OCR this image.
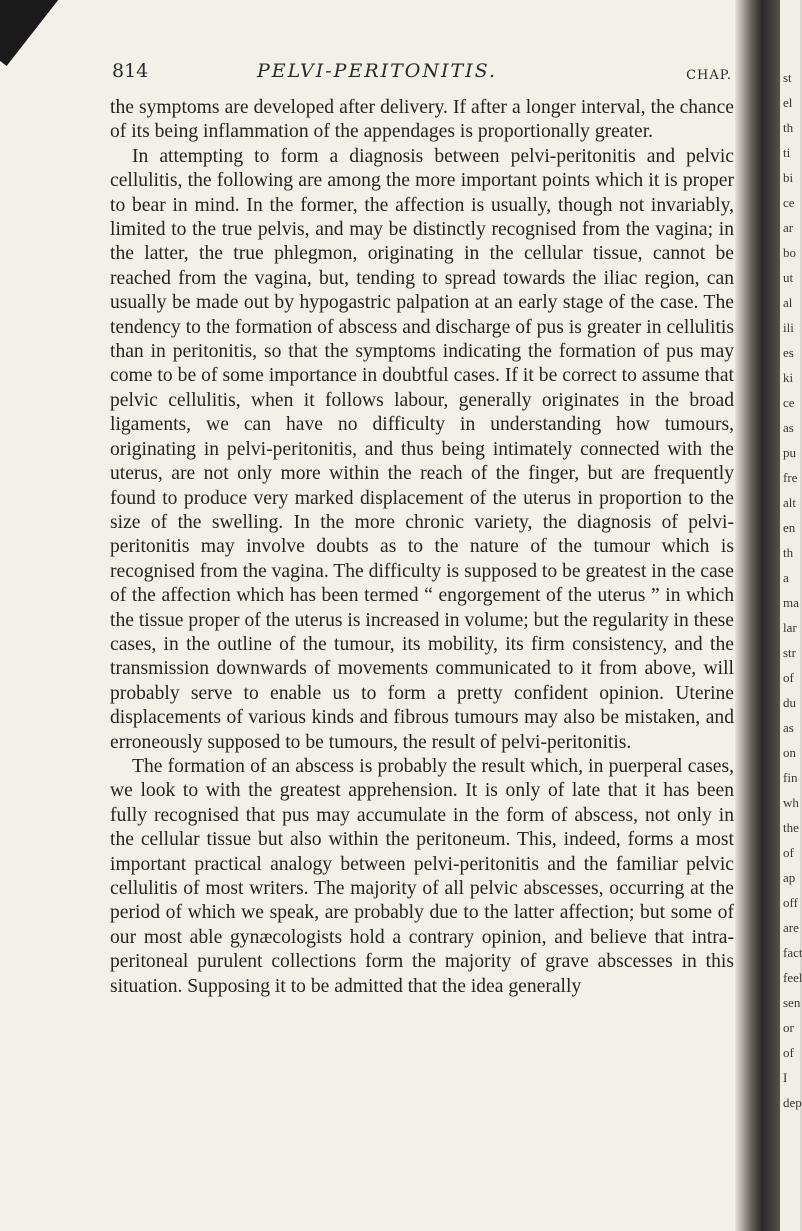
814	PELVI-PERITONITIS.	CHAP.

the symptoms are developed after delivery. If after a longer interval, the chance of its being inflammation of the appendages is proportionally greater.

In attempting to form a diagnosis between pelvi-peritonitis and pelvic cellulitis, the following are among the more important points which it is proper to bear in mind. In the former, the affection is usually, though not invariably, limited to the true pelvis, and may be distinctly recognised from the vagina; in the latter, the true phlegmon, originating in the cellular tissue, cannot be reached from the vagina, but, tending to spread towards the iliac region, can usually be made out by hypogastric palpation at an early stage of the case. The tendency to the formation of abscess and discharge of pus is greater in cellulitis than in peritonitis, so that the symptoms indicating the formation of pus may come to be of some importance in doubtful cases. If it be correct to assume that pelvic cellulitis, when it follows labour, generally originates in the broad ligaments, we can have no difficulty in understanding how tumours, originating in pelvi-peritonitis, and thus being intimately connected with the uterus, are not only more within the reach of the finger, but are frequently found to produce very marked displacement of the uterus in proportion to the size of the swelling. In the more chronic variety, the diagnosis of pelvi-peritonitis may involve doubts as to the nature of the tumour which is recognised from the vagina. The difficulty is supposed to be greatest in the case of the affection which has been termed “ engorgement of the uterus ” in which the tissue proper of the uterus is increased in volume; but the regularity in these cases, in the outline of the tumour, its mobility, its firm consistency, and the transmission downwards of movements communicated to it from above, will probably serve to enable us to form a pretty confident opinion. Uterine displacements of various kinds and fibrous tumours may also be mistaken, and erroneously supposed to be tumours, the result of pelvi-peritonitis.

The formation of an abscess is probably the result which, in puerperal cases, we look to with the greatest apprehension. It is only of late that it has been fully recognised that pus may accumulate in the form of abscess, not only in the cellular tissue but also within the peritoneum. This, indeed, forms a most important practical analogy between pelvi-peritonitis and the familiar pelvic cellulitis of most writers. The majority of all pelvic abscesses, occurring at the period of which we speak, are probably due to the latter affection; but some of our most able gynæcologists hold a contrary opinion, and believe that intra-peritoneal purulent collections form the majority of grave abscesses in this situation. Supposing it to be admitted that the idea generally

st
el
th
ti
bi
ce
ar
bo
ut
al
ili
es
ki
ce
as
pu
fre
alt
en
th
a
ma
lar
str
of
du
as
on
fin
wh
the
of
ap
off
are
fact
feel
sen
or
of
I
dep
